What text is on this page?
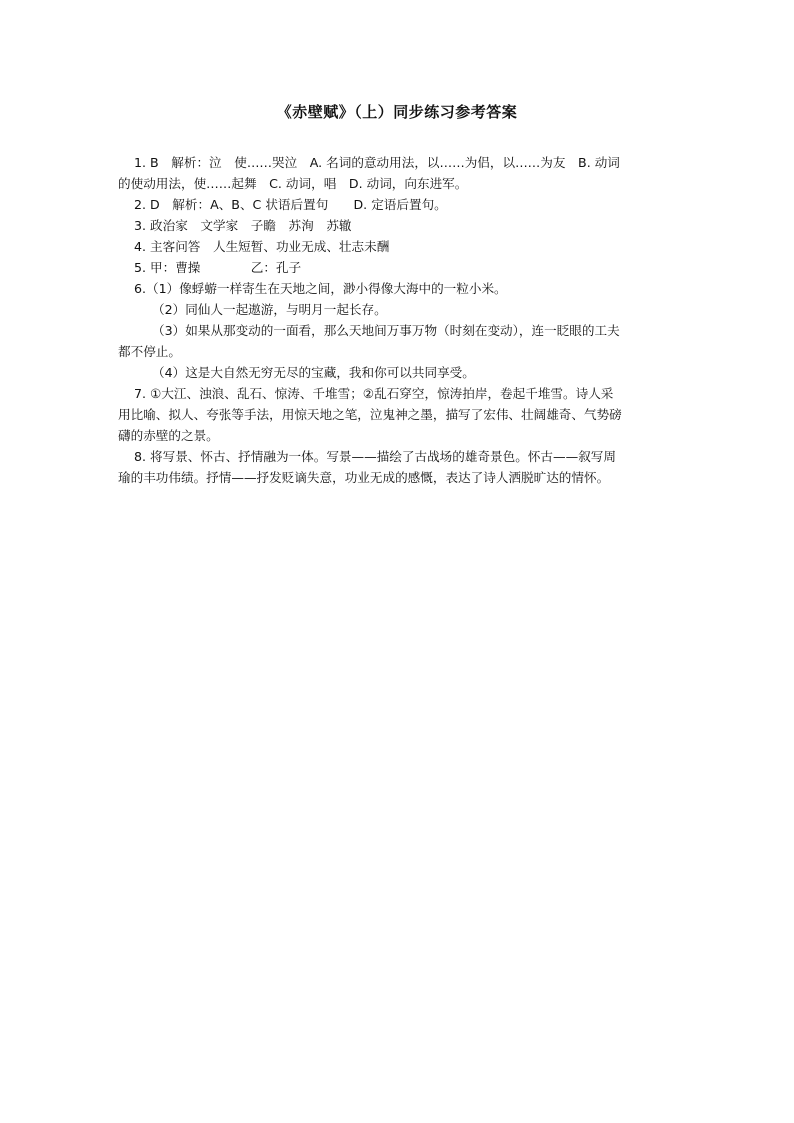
《赤壁赋》（上）同步练习参考答案

1. B　解析：泣　使……哭泣　A. 名词的意动用法，以……为侣，以……为友　B. 动词

的使动用法，使……起舞　C. 动词，唱　D. 动词，向东进军。

2. D　解析：A、B、C 状语后置句　　D. 定语后置句。

3. 政治家　文学家　子瞻　苏洵　苏辙

4. 主客问答　人生短暂、功业无成、壮志未酬

5. 甲：曹操　　　　乙：孔子

6.（1）像蜉蝣一样寄生在天地之间，渺小得像大海中的一粒小米。

（2）同仙人一起遨游，与明月一起长存。

（3）如果从那变动的一面看，那么天地间万事万物（时刻在变动），连一眨眼的工夫

都不停止。

（4）这是大自然无穷无尽的宝藏，我和你可以共同享受。

7. ①大江、浊浪、乱石、惊涛、千堆雪；②乱石穿空，惊涛拍岸，卷起千堆雪。诗人采

用比喻、拟人、夸张等手法，用惊天地之笔，泣鬼神之墨，描写了宏伟、壮阔雄奇、气势磅

礴的赤壁的之景。

8. 将写景、怀古、抒情融为一体。写景——描绘了古战场的雄奇景色。怀古——叙写周

瑜的丰功伟绩。抒情——抒发贬谪失意，功业无成的感慨，表达了诗人洒脱旷达的情怀。
